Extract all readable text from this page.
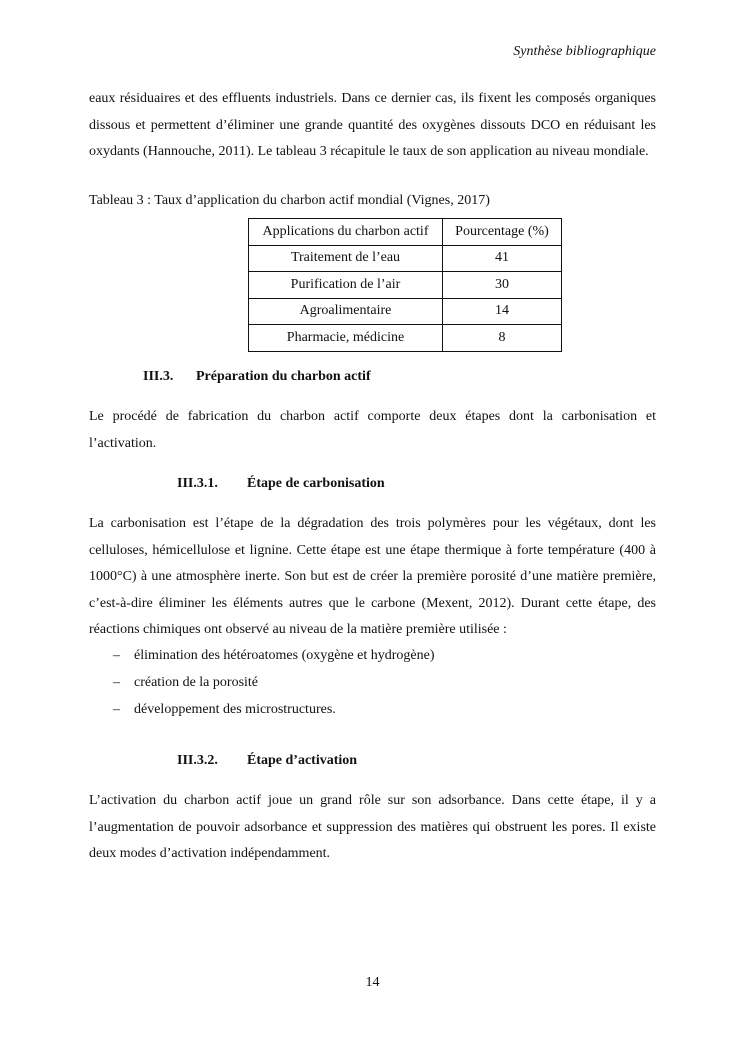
Synthèse bibliographique

eaux résiduaires et des effluents industriels. Dans ce dernier cas, ils fixent les composés organiques dissous et permettent d’éliminer une grande quantité des oxygènes dissouts DCO en réduisant les oxydants (Hannouche, 2011). Le tableau 3 récapitule le taux de son application au niveau mondiale.

Tableau 3 : Taux d’application du charbon actif mondial (Vignes, 2017)
Applications du charbon actif	Pourcentage (%)
Traitement de l’eau	41
Purification de l’air	30
Agroalimentaire	14
Pharmacie, médicine	8
III.3. Préparation du charbon actif

Le procédé de fabrication du charbon actif comporte deux étapes dont la carbonisation et l’activation.

III.3.1. Étape de carbonisation

La carbonisation est l’étape de la dégradation des trois polymères pour les végétaux, dont les celluloses, hémicellulose et lignine. Cette étape est une étape thermique à forte température (400 à 1000°C) à une atmosphère inerte. Son but est de créer la première porosité d’une matière première, c’est-à-dire éliminer les éléments autres que le carbone (Mexent, 2012). Durant cette étape, des réactions chimiques ont observé au niveau de la matière première utilisée :

– élimination des hétéroatomes (oxygène et hydrogène)
– création de la porosité
– développement des microstructures.
III.3.2. Étape d’activation

L’activation du charbon actif joue un grand rôle sur son adsorbance. Dans cette étape, il y a l’augmentation de pouvoir adsorbance et suppression des matières qui obstruent les pores. Il existe deux modes d’activation indépendamment.

14
